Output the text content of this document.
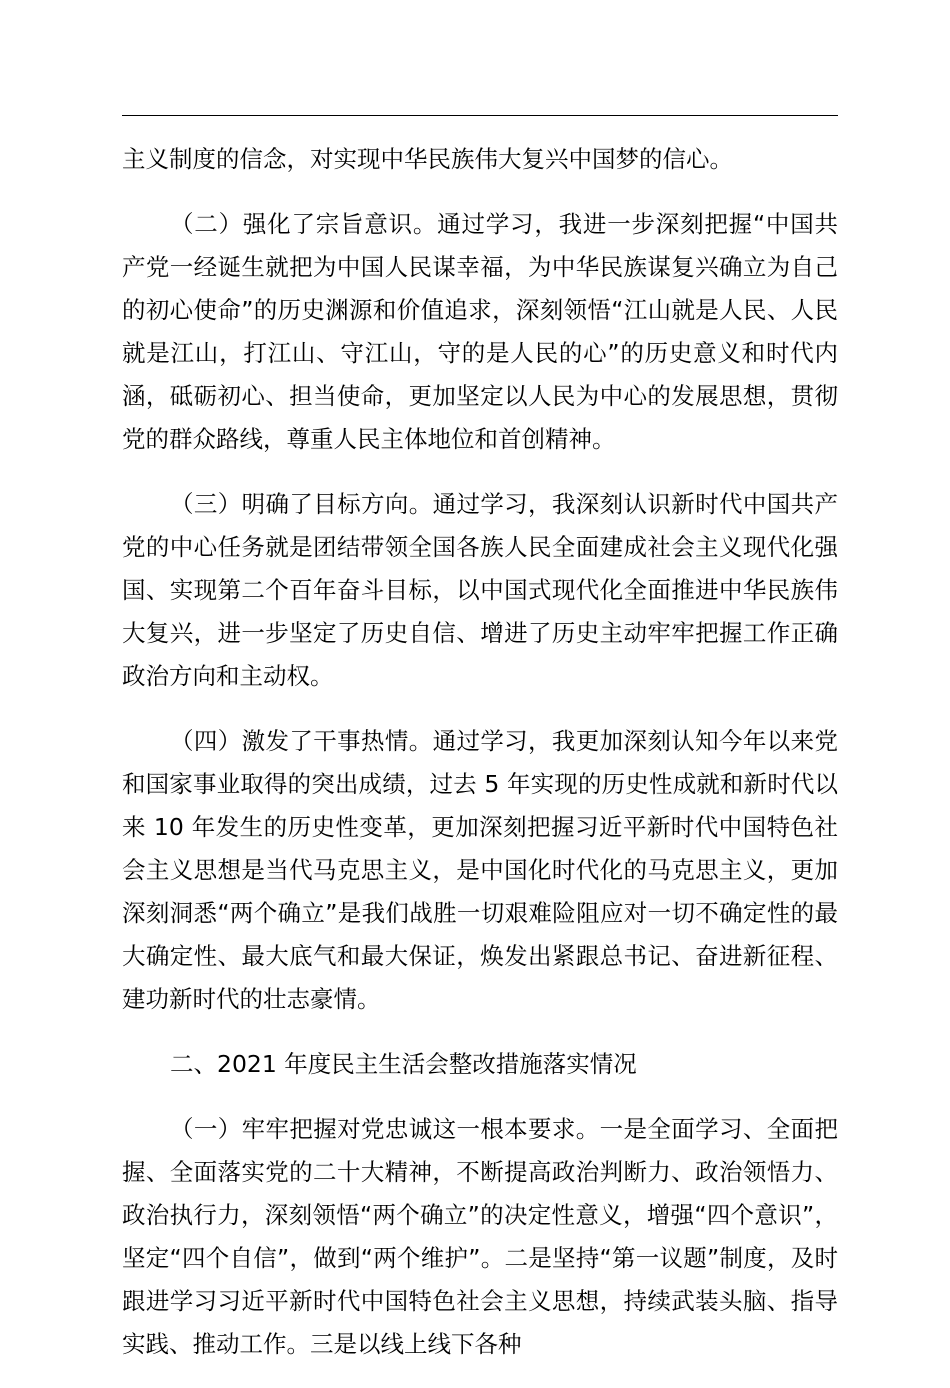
主义制度的信念，对实现中华民族伟大复兴中国梦的信心。

（二）强化了宗旨意识。通过学习，我进一步深刻把握“中国共产党一经诞生就把为中国人民谋幸福，为中华民族谋复兴确立为自己的初心使命”的历史渊源和价值追求，深刻领悟“江山就是人民、人民就是江山，打江山、守江山，守的是人民的心”的历史意义和时代内涵，砥砺初心、担当使命，更加坚定以人民为中心的发展思想，贯彻党的群众路线，尊重人民主体地位和首创精神。

（三）明确了目标方向。通过学习，我深刻认识新时代中国共产党的中心任务就是团结带领全国各族人民全面建成社会主义现代化强国、实现第二个百年奋斗目标，以中国式现代化全面推进中华民族伟大复兴，进一步坚定了历史自信、增进了历史主动牢牢把握工作正确政治方向和主动权。

（四）激发了干事热情。通过学习，我更加深刻认知今年以来党和国家事业取得的突出成绩，过去 5 年实现的历史性成就和新时代以来 10 年发生的历史性变革，更加深刻把握习近平新时代中国特色社会主义思想是当代马克思主义，是中国化时代化的马克思主义，更加深刻洞悉“两个确立”是我们战胜一切艰难险阻应对一切不确定性的最大确定性、最大底气和最大保证，焕发出紧跟总书记、奋进新征程、建功新时代的壮志豪情。

二、2021 年度民主生活会整改措施落实情况

（一）牢牢把握对党忠诚这一根本要求。一是全面学习、全面把握、全面落实党的二十大精神，不断提高政治判断力、政治领悟力、政治执行力，深刻领悟“两个确立”的决定性意义，增强“四个意识”，坚定“四个自信”，做到“两个维护”。二是坚持“第一议题”制度，及时跟进学习习近平新时代中国特色社会主义思想，持续武装头脑、指导实践、推动工作。三是以线上线下各种
